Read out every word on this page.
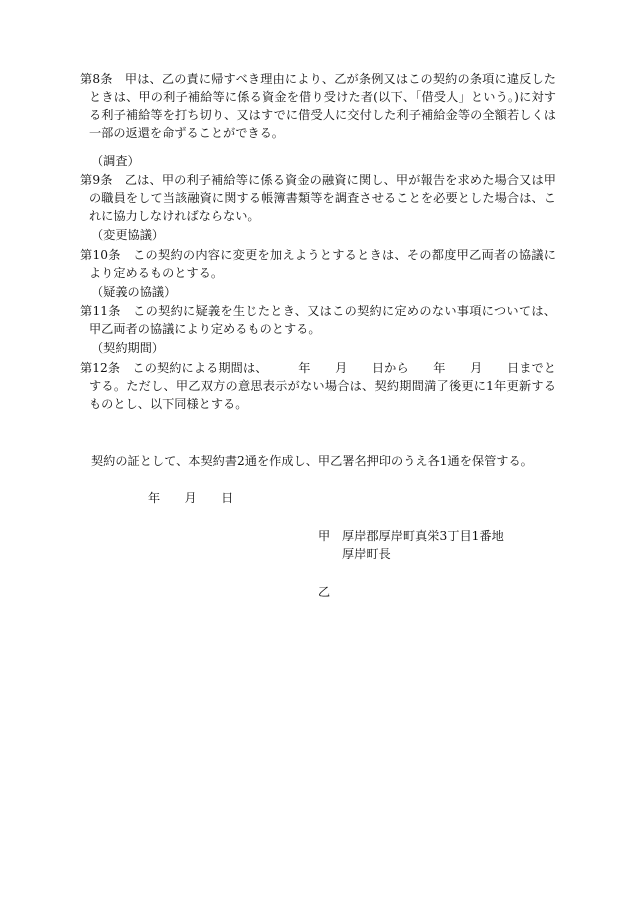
第8条　甲は、乙の責に帰すべき理由により、乙が条例又はこの契約の条項に違反したときは、甲の利子補給等に係る資金を借り受けた者(以下、「借受人」という。)に対する利子補給等を打ち切り、又はすでに借受人に交付した利子補給金等の全額若しくは一部の返還を命ずることができる。
（調査）
第9条　乙は、甲の利子補給等に係る資金の融資に関し、甲が報告を求めた場合又は甲の職員をして当該融資に関する帳簿書類等を調査させることを必要とした場合は、これに協力しなければならない。
（変更協議）
第10条　この契約の内容に変更を加えようとするときは、その都度甲乙両者の協議により定めるものとする。
（疑義の協議）
第11条　この契約に疑義を生じたとき、又はこの契約に定めのない事項については、甲乙両者の協議により定めるものとする。
（契約期間）
第12条　この契約による期間は、　　　年　　月　　日から　　年　　月　　日までとする。ただし、甲乙双方の意思表示がない場合は、契約期間満了後更に1年更新するものとし、以下同様とする。
契約の証として、本契約書2通を作成し、甲乙署名押印のうえ各1通を保管する。
年　　月　　日
甲 厚岸郡厚岸町真栄3丁目1番地
厚岸町長
乙
